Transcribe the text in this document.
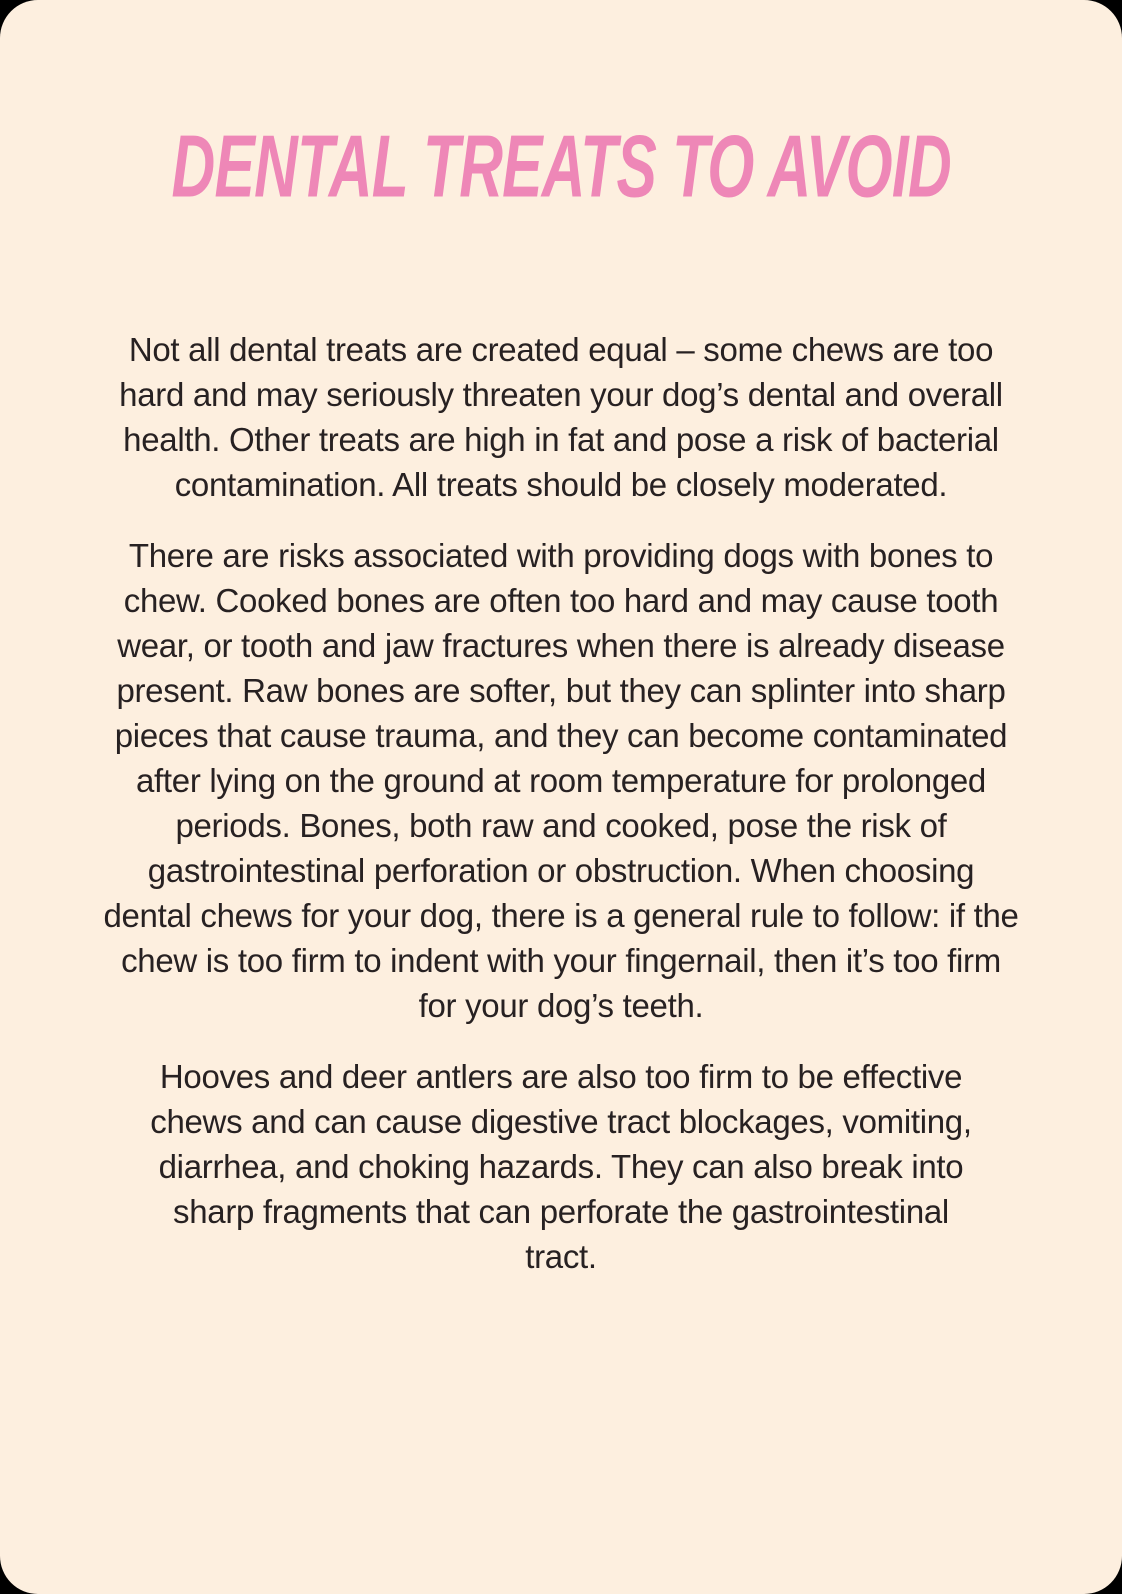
DENTAL TREATS TO AVOID

Not all dental treats are created equal – some chews are too hard and may seriously threaten your dog’s dental and overall health. Other treats are high in fat and pose a risk of bacterial contamination. All treats should be closely moderated.

There are risks associated with providing dogs with bones to chew. Cooked bones are often too hard and may cause tooth wear, or tooth and jaw fractures when there is already disease present. Raw bones are softer, but they can splinter into sharp pieces that cause trauma, and they can become contaminated after lying on the ground at room temperature for prolonged periods. Bones, both raw and cooked, pose the risk of gastrointestinal perforation or obstruction. When choosing dental chews for your dog, there is a general rule to follow: if the chew is too firm to indent with your fingernail, then it’s too firm for your dog’s teeth.

Hooves and deer antlers are also too firm to be effective chews and can cause digestive tract blockages, vomiting, diarrhea, and choking hazards. They can also break into sharp fragments that can perforate the gastrointestinal tract.
